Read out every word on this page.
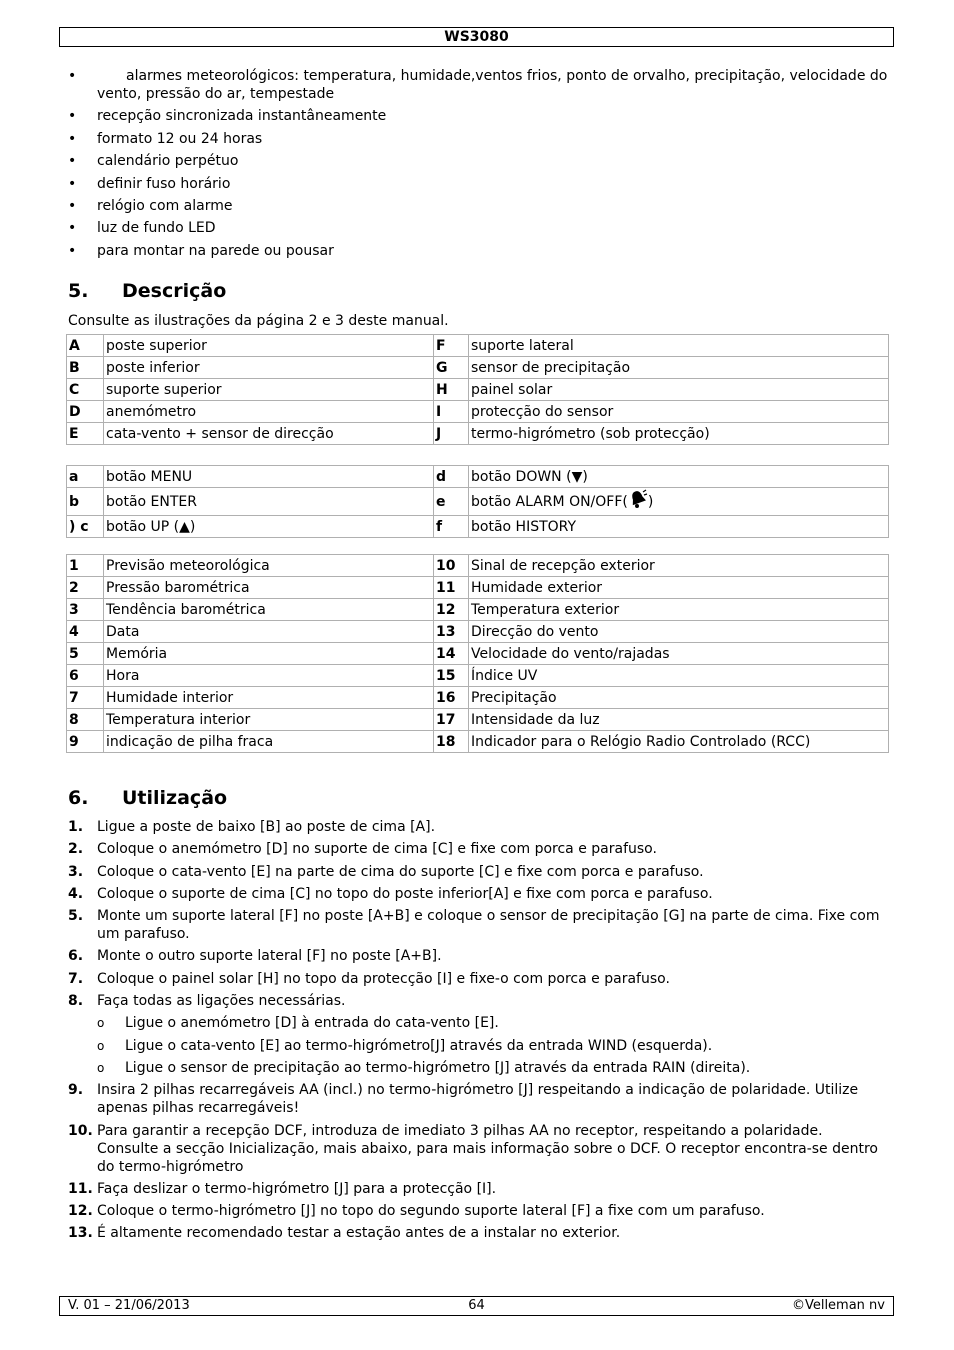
WS3080
•	alarmes meteorológicos: temperatura, humidade,ventos frios, ponto de orvalho, precipitação, velocidade do vento, pressão do ar, tempestade
• recepção sincronizada instantâneamente
• formato 12 ou 24 horas
• calendário perpétuo
• definir fuso horário
• relógio com alarme
• luz de fundo LED
• para montar na parede ou pousar
5. Descrição
Consulte as ilustrações da página 2 e 3 deste manual.
A	poste superior	F	suporte lateral
B	poste inferior	G	sensor de precipitação
C	suporte superior	H	painel solar
D	anemómetro	I	protecção do sensor
E	cata-vento + sensor de direcção	J	termo-higrómetro (sob protecção)
a	botão MENU	d	botão DOWN (▼)
b	botão ENTER	e	botão ALARM ON/OFF( )
) c	botão UP (▲)	f	botão HISTORY
1	Previsão meteorológica	10	Sinal de recepção exterior
2	Pressão barométrica	11	Humidade exterior
3	Tendência barométrica	12	Temperatura exterior
4	Data	13	Direcção do vento
5	Memória	14	Velocidade do vento/rajadas
6	Hora	15	Índice UV
7	Humidade interior	16	Precipitação
8	Temperatura interior	17	Intensidade da luz
9	indicação de pilha fraca	18	Indicador para o Relógio Radio Controlado (RCC)
6. Utilização
1. Ligue a poste de baixo [B] ao poste de cima [A].
2. Coloque o anemómetro [D] no suporte de cima [C] e fixe com porca e parafuso.
3. Coloque o cata-vento [E] na parte de cima do suporte [C] e fixe com porca e parafuso.
4. Coloque o suporte de cima [C] no topo do poste inferior[A] e fixe com porca e parafuso.
5. Monte um suporte lateral [F] no poste [A+B] e coloque o sensor de precipitação [G] na parte de cima. Fixe com um parafuso.
6. Monte o outro suporte lateral [F] no poste [A+B].
7. Coloque o painel solar [H] no topo da protecção [I] e fixe-o com porca e parafuso.
8. Faça todas as ligações necessárias.
o Ligue o anemómetro [D] à entrada do cata-vento [E].
o Ligue o cata-vento [E] ao termo-higrómetro[J] através da entrada WIND (esquerda).
o Ligue o sensor de precipitação ao termo-higrómetro [J] através da entrada RAIN (direita).
9. Insira 2 pilhas recarregáveis AA (incl.) no termo-higrómetro [J] respeitando a indicação de polaridade. Utilize apenas pilhas recarregáveis!
10. Para garantir a recepção DCF, introduza de imediato 3 pilhas AA no receptor, respeitando a polaridade. Consulte a secção Inicialização, mais abaixo, para mais informação sobre o DCF. O receptor encontra-se dentro do termo-higrómetro
11. Faça deslizar o termo-higrómetro [J] para a protecção [I].
12. Coloque o termo-higrómetro [J] no topo do segundo suporte lateral [F] a fixe com um parafuso.
13. É altamente recomendado testar a estação antes de a instalar no exterior.
V. 01 – 21/06/2013	64	©Velleman nv
